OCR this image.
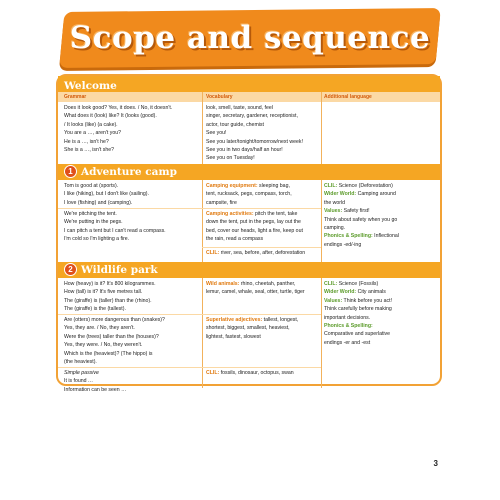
Scope and sequence
Welcome
Grammar	Vocabulary	Additional language
Does it look good? Yes, it does. / No, it doesn't.
What does it (look) like? It (looks (good).
/ It looks (like) (a cake).
You are a …, aren't you?
He is a …, isn't he?
She is a …, isn't she?
look, smell, taste, sound, feel
singer, secretary, gardener, receptionist,
actor, tour guide, chemist
See you!
See you later/tonight/tomorrow/next week!
See you in two days/half an hour!
See you on Tuesday!
1 Adventure camp
Tom is good at (sports).
I like (hiking), but I don't like (sailing).
I love (fishing) and (camping).
We're pitching the tent.
We're putting in the pegs.
I can pitch a tent but I can't read a compass.
I'm cold so I'm lighting a fire.
Camping equipment: sleeping bag,
tent, rucksack, pegs, compass, torch,
campsite, fire
Camping activities: pitch the tent, take
down the tent, put in the pegs, lay out the
bed, cover our heads, light a fire, keep out
the rain, read a compass
CLIL: river, sea, before, after, deforestation
CLIL: Science (Deforestation)
Wider World: Camping around
the world
Values: Safety first!
Think about safety when you go
camping.
Phonics & Spelling: Inflectional
endings -ed/-ing
2 Wildlife park
How (heavy) is it? It's 800 kilogrammes.
How (tall) is it? It's five metres tall.
The (giraffe) is (taller) than the (rhino).
The (giraffe) is the (tallest).
Are (otters) more dangerous than (snakes)?
Yes, they are. / No, they aren't.
Were the (trees) taller than the (houses)?
Yes, they were. / No, they weren't.
Which is the (heaviest)? (The hippo) is
(the heaviest).
Simple passive
It is found …
Information can be seen …
Wild animals: rhino, cheetah, panther,
lemur, camel, whale, seal, otter, turtle, tiger
Superlative adjectives: tallest, longest,
shortest, biggest, smallest, heaviest,
lightest, fastest, slowest
CLIL: fossils, dinosaur, octopus, swan
CLIL: Science (Fossils)
Wider World: City animals
Values: Think before you act!
Think carefully before making
important decisions.
Phonics & Spelling:
Comparative and superlative
endings -er and -est
3
